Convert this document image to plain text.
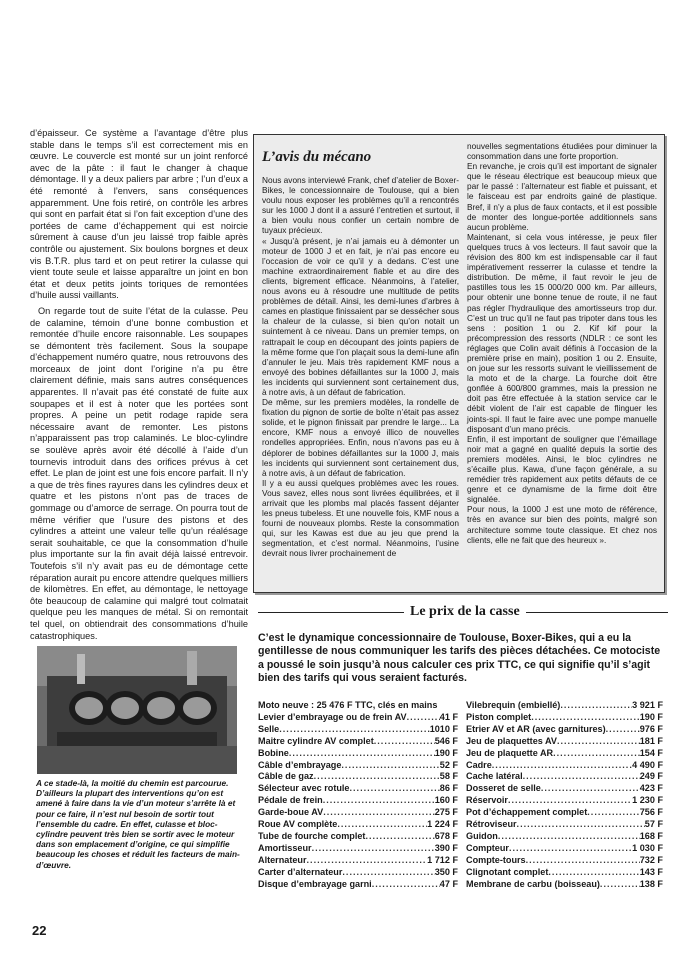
d’épaisseur. Ce système a l’avantage d’être plus stable dans le temps s’il est correctement mis en œuvre. Le couvercle est monté sur un joint renforcé avec de la pâte : il faut le changer à chaque démontage. Il y a deux paliers par arbre ; l’un d’eux a été remonté à l’envers, sans conséquences apparemment. Une fois retiré, on contrôle les arbres qui sont en parfait état si l’on fait exception d’une des portées de came d’échappement qui est noircie sûrement à cause d’un jeu laissé trop faible après contrôle ou ajustement. Six boulons borgnes et deux vis B.T.R. plus tard et on peut retirer la culasse qui vient toute seule et laisse apparaître un joint en bon état et deux petits joints toriques de remontées d’huile aussi vaillants.

On regarde tout de suite l’état de la culasse. Peu de calamine, témoin d’une bonne combustion et remontée d’huile encore raisonnable. Les soupapes se démontent très facilement. Sous la soupape d’échappement numéro quatre, nous retrouvons des morceaux de joint dont l’origine n’a pu être clairement définie, mais sans autres conséquences apparentes. Il n’avait pas été constaté de fuite aux soupapes et il est à noter que les portées sont propres. A peine un petit rodage rapide sera nécessaire avant de remonter. Les pistons n’apparaissent pas trop calaminés. Le bloc-cylindre se soulève après avoir été décollé à l’aide d’un tournevis introduit dans des orifices prévus à cet effet. Le plan de joint est une fois encore parfait. Il n’y a que de très fines rayures dans les cylindres deux et quatre et les pistons n’ont pas de traces de gommage ou d’amorce de serrage. On pourra tout de même vérifier que l’usure des pistons et des cylindres a atteint une valeur telle qu’un réalésage serait souhaitable, ce que la consommation d’huile plus importante sur la fin avait déjà laissé entrevoir. Toutefois s’il n’y avait pas eu de démontage cette réparation aurait pu encore attendre quelques milliers de kilomètres. En effet, au démontage, le nettoyage ôte beaucoup de calamine qui malgré tout colmatait quelque peu les manques de métal. Si on remontait tel quel, on obtiendrait des consommations d’huile catastrophiques.

L’avis du mécano

Nous avons interviewé Frank, chef d’atelier de Boxer-Bikes, le concessionnaire de Toulouse, qui a bien voulu nous exposer les problèmes qu’il a rencontrés sur les 1000 J dont il a assuré l’entretien et surtout, il a bien voulu nous confier un certain nombre de tuyaux précieux.

« Jusqu’à présent, je n’ai jamais eu à démonter un moteur de 1000 J et en fait, je n’ai pas encore eu l’occasion de voir ce qu’il y a dedans. C’est une machine extraordinairement fiable et au dire des clients, bigrement efficace. Néanmoins, à l’atelier, nous avons eu à résoudre une multitude de petits problèmes de détail. Ainsi, les demi-lunes d’arbres à cames en plastique finissaient par se dessécher sous la chaleur de la culasse, si bien qu’on notait un suintement à ce niveau. Dans un premier temps, on rattrapait le coup en découpant des joints papiers de la même forme que l’on plaçait sous la demi-lune afin d’annuler le jeu. Mais très rapidement KMF nous a envoyé des bobines défaillantes sur la 1000 J, mais les incidents qui surviennent sont certainement dus, à notre avis, à un défaut de fabrication.

De même, sur les premiers modèles, la rondelle de fixation du pignon de sortie de boîte n’était pas assez solide, et le pignon finissait par prendre le large... La encore, KMF nous a envoyé illico de nouvelles rondelles appropriées. Enfin, nous n’avons pas eu à déplorer de bobines défaillantes sur la 1000 J, mais les incidents qui surviennent sont certainement dus, à notre avis, à un défaut de fabrication.

Il y a eu aussi quelques problèmes avec les roues. Vous savez, elles nous sont livrées équilibrées, et il arrivait que les plombs mal placés fassent déjanter les pneus tubeless. Et une nouvelle fois, KMF nous a fourni de nouveaux plombs. Reste la consommation qui, sur les Kawas est due au jeu que prend la segmentation, et c’est normal. Néanmoins, l’usine devrait nous livrer prochainement de

nouvelles segmentations étudiées pour diminuer la consommation dans une forte proportion.

En revanche, je crois qu’il est important de signaler que le réseau électrique est beaucoup mieux que par le passé : l’alternateur est fiable et puissant, et le faisceau est par endroits gainé de plastique. Bref, il n’y a plus de faux contacts, et il est possible de monter des longue-portée additionnels sans aucun problème.

Maintenant, si cela vous intéresse, je peux filer quelques trucs à vos lecteurs. Il faut savoir que la révision des 800 km est indispensable car il faut impérativement resserrer la culasse et tendre la distribution. De même, il faut revoir le jeu de pastilles tous les 15 000/20 000 km. Par ailleurs, pour obtenir une bonne tenue de route, il ne faut pas régler l’hydraulique des amortisseurs trop dur. C’est un truc qu’il ne faut pas tripoter dans tous les sens : position 1 ou 2. Kif kif pour la précompression des ressorts (NDLR : ce sont les réglages que Colin avait définis à l’occasion de la première prise en main), position 1 ou 2. Ensuite, on joue sur les ressorts suivant le vieillissement de la moto et de la charge. La fourche doit être gonflée à 600/800 grammes, mais la pression ne doit pas être effectuée à la station service car le débit violent de l’air est capable de flinguer les joints-spi. Il faut le faire avec une pompe manuelle disposant d’un mano précis.

Enfin, il est important de souligner que l’émaillage noir mat a gagné en qualité depuis la sortie des premiers modèles. Ainsi, le bloc cylindres ne s’écaille plus. Kawa, d’une façon générale, a su remédier très rapidement aux petits défauts de ce genre et ce dynamisme de la firme doit être signalée.

Pour nous, la 1000 J est une moto de référence, très en avance sur bien des points, malgré son architecture somme toute classique. Et chez nos clients, elle ne fait que des heureux ».

Le prix de la casse
C’est le dynamique concessionnaire de Toulouse, Boxer-Bikes, qui a eu la gentillesse de nous communiquer les tarifs des pièces détachées. Ce motociste a poussé le soin jusqu’à nous calculer ces prix TTC, ce qui signifie qu’il s’agit bien des tarifs qui vous seraient facturés.
Moto neuve : 25 476 F TTC, clés en mains
Levier d’embrayage ou de frein AV .....	41 F
Selle .....	1010 F
Maitre cylindre AV complet .....	546 F
Bobine .....	190 F
Câble d’embrayage .....	52 F
Câble de gaz .....	58 F
Sélecteur avec rotule .....	86 F
Pédale de frein .....	160 F
Garde-boue AV .....	275 F
Roue AV complète .....	1 224 F
Tube de fourche complet .....	678 F
Amortisseur .....	390 F
Alternateur .....	1 712 F
Carter d’alternateur .....	350 F
Disque d’embrayage garni .....	47 F
Vilebrequin (embiellé) .....	3 921 F
Piston complet .....	190 F
Etrier AV et AR (avec garnitures) .....	976 F
Jeu de plaquettes AV .....	181 F
Jeu de plaquette AR .....	154 F
Cadre .....	4 490 F
Cache latéral .....	249 F
Dosseret de selle .....	423 F
Réservoir .....	1 230 F
Pot d’échappement complet .....	756 F
Rétroviseur .....	57 F
Guidon .....	168 F
Compteur .....	1 030 F
Compte-tours .....	732 F
Clignotant complet .....	143 F
Membrane de carbu (boisseau) .....	138 F
A ce stade-là, la moitié du chemin est parcourue. D’ailleurs la plupart des interventions qu’on est amené à faire dans la vie d’un moteur s’arrête là et pour ce faire, il n’est nul besoin de sortir tout l’ensemble du cadre. En effet, culasse et bloc-cylindre peuvent très bien se sortir avec le moteur dans son emplacement d’origine, ce qui simplifie beaucoup les choses et réduit les facteurs de main-d’œuvre.
22
